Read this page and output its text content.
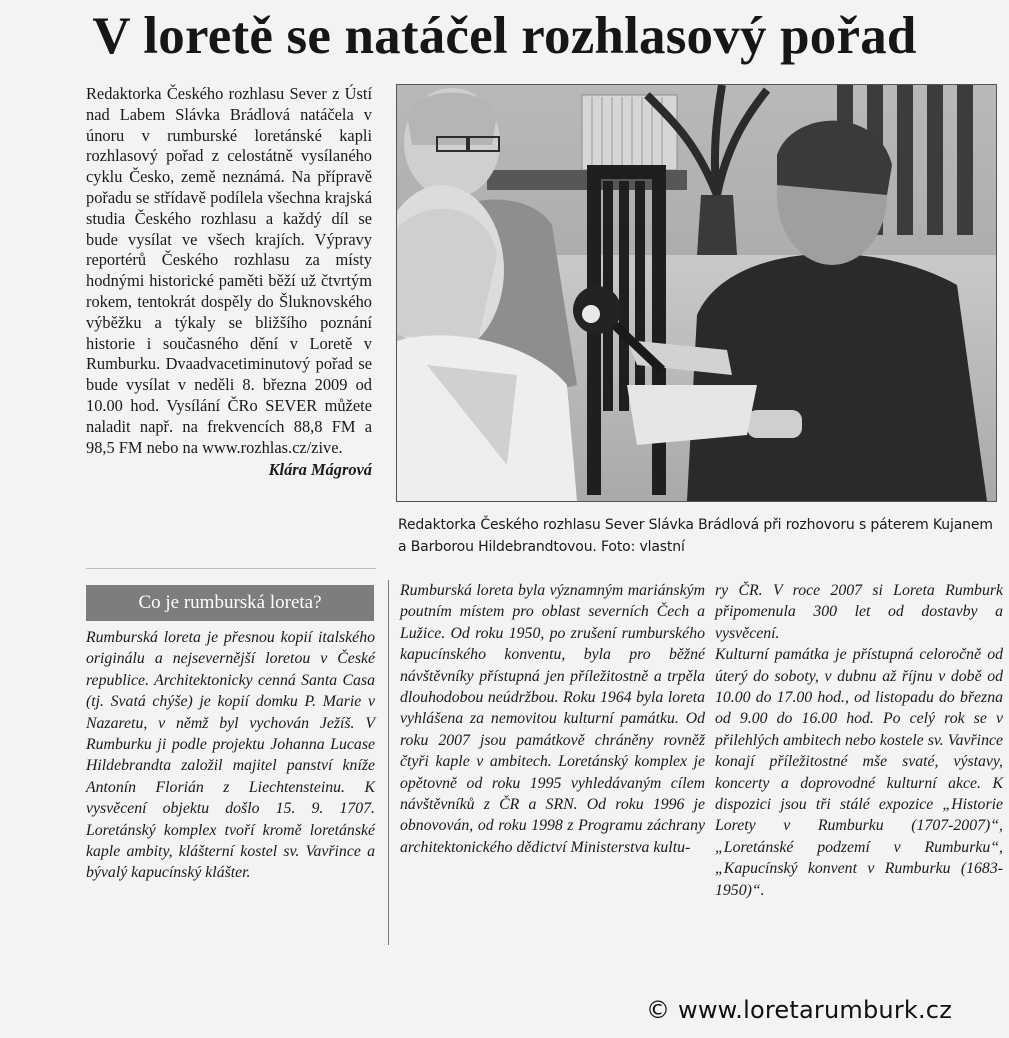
V loretě se natáčel rozhlasový pořad

Redaktorka Českého rozhlasu Sever z Ústí nad Labem Slávka Brádlová natáčela v únoru v rumburské loretánské kapli rozhlasový pořad z celostátně vysílaného cyklu Česko, země neznámá. Na přípravě pořadu se střídavě podílela všechna krajská studia Českého rozhlasu a každý díl se bude vysílat ve všech krajích. Výpravy reportérů Českého rozhlasu za místy hodnými historické paměti běží už čtvrtým rokem, tentokrát dospěly do Šluknovského výběžku a týkaly se bližšího poznání historie i současného dění v Loretě v Rumburku. Dvaadvacetiminutový pořad se bude vysílat v neděli 8. března 2009 od 10.00 hod. Vysílání ČRo SEVER můžete naladit např. na frekvencích 88,8 FM a 98,5 FM nebo na www.rozhlas.cz/zive.

Klára Mágrová
Redaktorka Českého rozhlasu Sever Slávka Brádlová při rozhovoru s páterem Kujanem a Barborou Hildebrandtovou. Foto: vlastní
Co je rumburská loreta?

Rumburská loreta je přesnou kopií italského originálu a nejsevernější loretou v České republice. Architektonicky cenná Santa Casa (tj. Svatá chýše) je kopií domku P. Marie v Nazaretu, v němž byl vychován Ježíš. V Rumburku ji podle projektu Johanna Lucase Hildebrandta založil majitel panství kníže Antonín Florián z Liechtensteinu. K vysvěcení objektu došlo 15. 9. 1707. Loretánský komplex tvoří kromě loretánské kaple ambity, klášterní kostel sv. Vavřince a bývalý kapucínský klášter.

Rumburská loreta byla významným mariánským poutním místem pro oblast severních Čech a Lužice. Od roku 1950, po zrušení rumburského kapucínského konventu, byla pro běžné návštěvníky přístupná jen příležitostně a trpěla dlouhodobou neúdržbou. Roku 1964 byla loreta vyhlášena za nemovitou kulturní památku. Od roku 2007 jsou památkově chráněny rovněž čtyři kaple v ambitech. Loretánský komplex je opětovně od roku 1995 vyhledávaným cílem návštěvníků z ČR a SRN. Od roku 1996 je obnovován, od roku 1998 z Programu záchrany architektonického dědictví Ministerstva kultu-

ry ČR. V roce 2007 si Loreta Rumburk připomenula 300 let od dostavby a vysvěcení.

Kulturní památka je přístupná celoročně od úterý do soboty, v dubnu až říjnu v době od 10.00 do 17.00 hod., od listopadu do března od 9.00 do 16.00 hod. Po celý rok se v přilehlých ambitech nebo kostele sv. Vavřince konají příležitostné mše svaté, výstavy, koncerty a doprovodné kulturní akce. K dispozici jsou tři stálé expozice „Historie Lorety v Rumburku (1707-2007)“, „Loretánské podzemí v Rumburku“, „Kapucínský konvent v Rumburku (1683-1950)“.

© www.loretarumburk.cz
